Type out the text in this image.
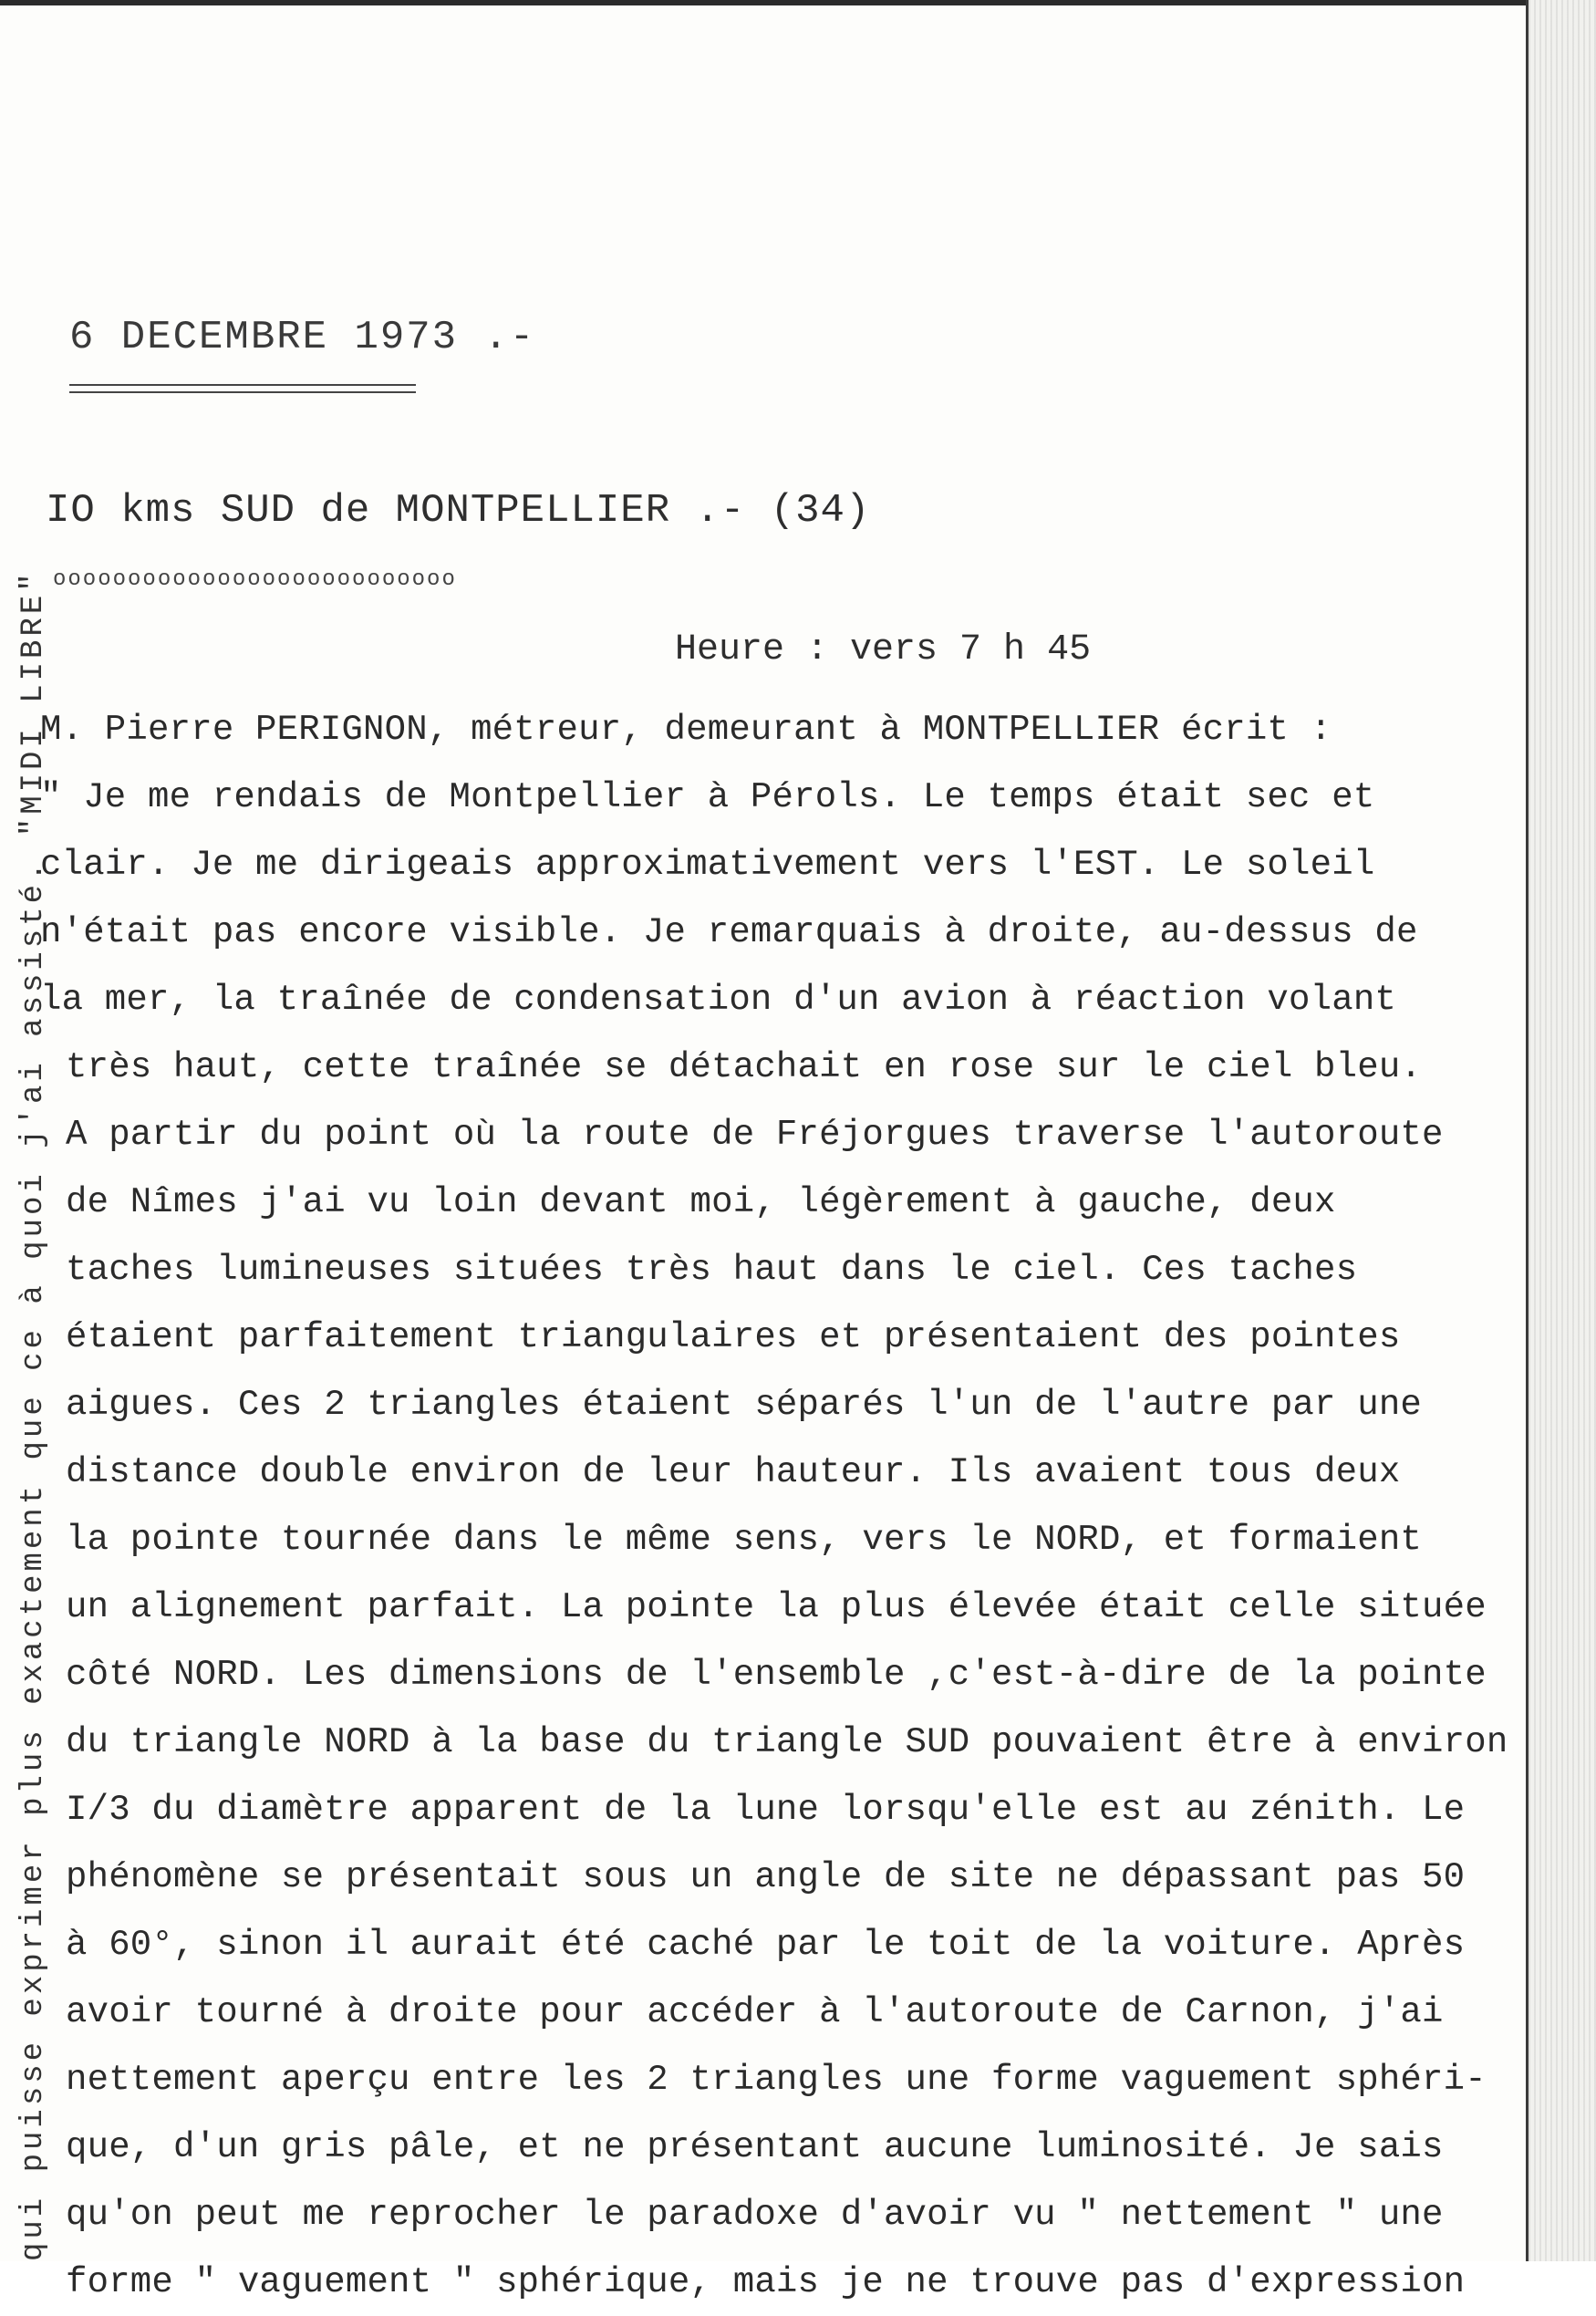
qui puisse exprimer plus exactement que ce à quoi j'ai assisté. "MIDI LIBRE"
6 DECEMBRE 1973 .-
IO kms SUD de MONTPELLIER .- (34)
ooooooooooooooooooooooooooo
Heure : vers 7 h 45
M. Pierre PERIGNON, métreur, demeurant à MONTPELLIER écrit :
" Je me rendais de Montpellier à Pérols. Le temps était sec et
clair. Je me dirigeais approximativement vers l'EST. Le soleil
n'était pas encore visible. Je remarquais à droite, au-dessus de
la mer, la traînée de condensation d'un avion à réaction volant
très haut, cette traînée se détachait en rose sur le ciel bleu.
A partir du point où la route de Fréjorgues traverse l'autoroute
de Nîmes j'ai vu loin devant moi, légèrement à gauche, deux
taches lumineuses situées très haut dans le ciel. Ces taches
étaient parfaitement triangulaires et présentaient des pointes
aigues. Ces 2 triangles étaient séparés l'un de l'autre par une
distance double environ de leur hauteur. Ils avaient tous deux
la pointe tournée dans le même sens, vers le NORD, et formaient
un alignement parfait. La pointe la plus élevée était celle située
côté NORD. Les dimensions de l'ensemble ,c'est-à-dire de la pointe
du triangle NORD à la base du triangle SUD pouvaient être à environ
I/3 du diamètre apparent de la lune lorsqu'elle est au zénith. Le
phénomène se présentait sous un angle de site ne dépassant pas 50
à 60°, sinon il aurait été caché par le toit de la voiture. Après
avoir tourné à droite pour accéder à l'autoroute de Carnon, j'ai
nettement aperçu entre les 2 triangles une forme vaguement sphéri-
que, d'un gris pâle, et ne présentant aucune luminosité. Je sais
qu'on peut me reprocher le paradoxe d'avoir vu " nettement " une
forme " vaguement " sphérique, mais je ne trouve pas d'expression
